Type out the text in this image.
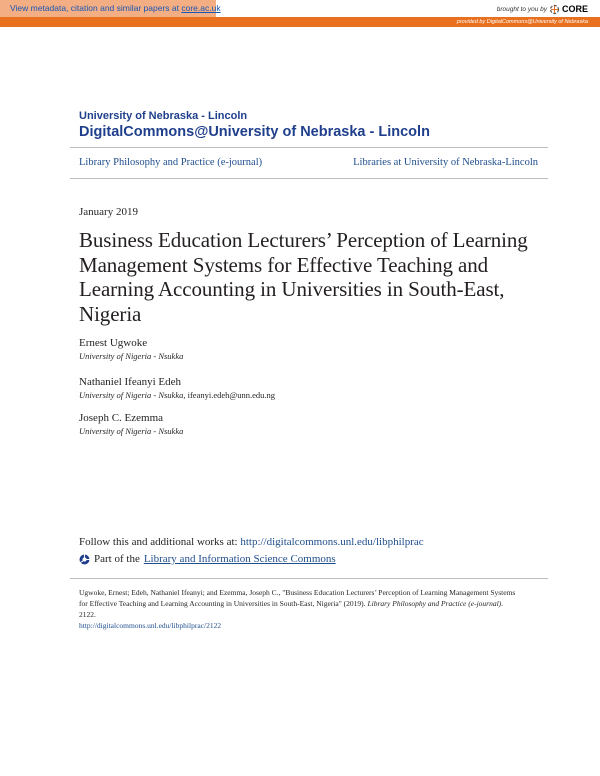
View metadata, citation and similar papers at core.ac.uk	brought to you by CORE
provided by DigitalCommons@University of Nebraska
University of Nebraska - Lincoln
DigitalCommons@University of Nebraska - Lincoln
Library Philosophy and Practice (e-journal)	Libraries at University of Nebraska-Lincoln
January 2019
Business Education Lecturers’ Perception of Learning Management Systems for Effective Teaching and Learning Accounting in Universities in South-East, Nigeria
Ernest Ugwoke
University of Nigeria - Nsukka
Nathaniel Ifeanyi Edeh
University of Nigeria - Nsukka, ifeanyi.edeh@unn.edu.ng
Joseph C. Ezemma
University of Nigeria - Nsukka
Follow this and additional works at: http://digitalcommons.unl.edu/libphilprac
Part of the Library and Information Science Commons
Ugwoke, Ernest; Edeh, Nathaniel Ifeanyi; and Ezemma, Joseph C., "Business Education Lecturers’ Perception of Learning Management Systems for Effective Teaching and Learning Accounting in Universities in South-East, Nigeria" (2019). Library Philosophy and Practice (e-journal). 2122.
http://digitalcommons.unl.edu/libphilprac/2122
